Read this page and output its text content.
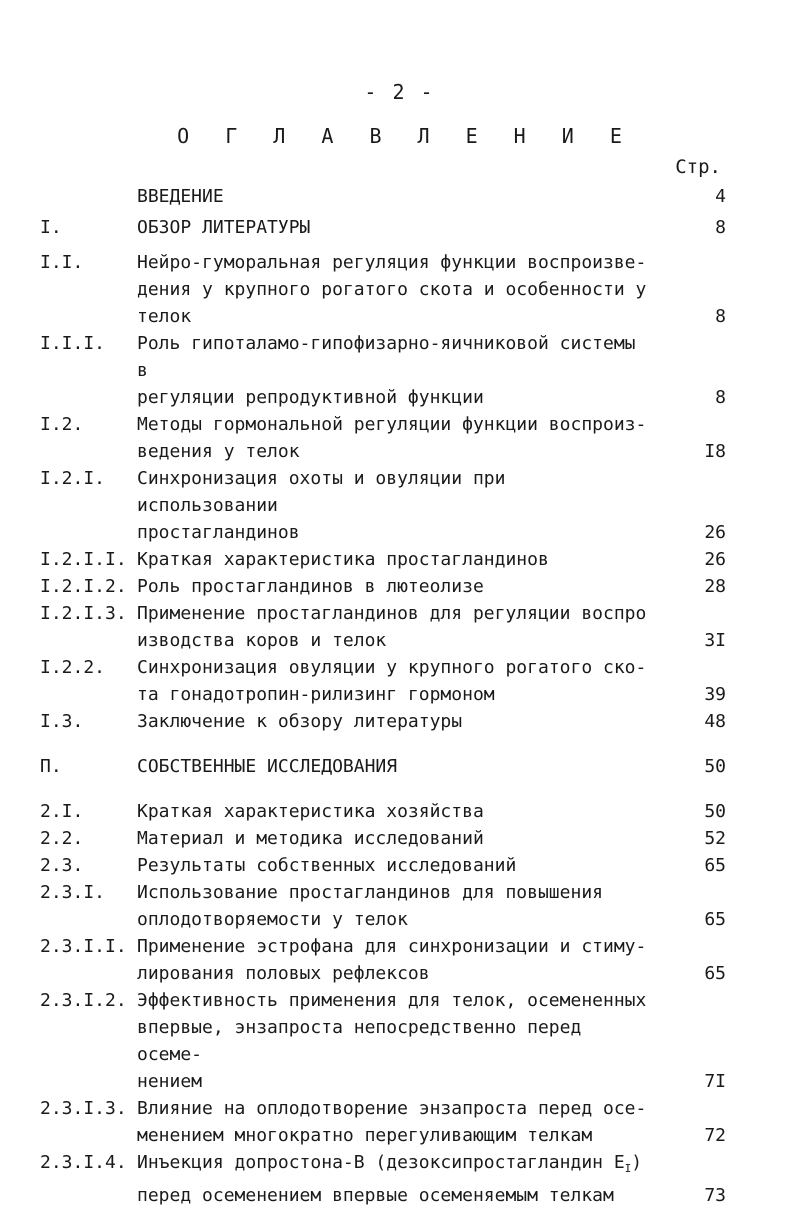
- 2 -
О Г Л А В Л Е Н И Е
Стр.
ВВЕДЕНИЕ	4
I.	ОБЗОР ЛИТЕРАТУРЫ	8
I.I.	Нейро-гуморальная регуляция функции воспроизве-
дения у крупного рогатого скота и особенности у
телок	8
I.I.I.	Роль гипоталамо-гипофизарно-яичниковой системы в
регуляции репродуктивной функции	8
I.2.	Методы гормональной регуляции функции воспроиз-
ведения у телок	I8
I.2.I.	Синхронизация охоты и овуляции при использовании
простагландинов	26
I.2.I.I. Краткая характеристика простагландинов	26
I.2.I.2. Роль простагландинов в лютеолизе	28
I.2.I.3. Применение простагландинов для регуляции воспро
изводства коров и телок	3I
I.2.2.	Синхронизация овуляции у крупного рогатого ско-
та гонадотропин-рилизинг гормоном	39
I.3.	Заключение к обзору литературы	48
П.	СОБСТВЕННЫЕ ИССЛЕДОВАНИЯ	50
2.I.	Краткая характеристика хозяйства	50
2.2.	Материал и методика исследований	52
2.3.	Результаты собственных исследований	65
2.3.I.	Использование простагландинов для повышения
оплодотворяемости у телок	65
2.3.I.I. Применение эстрофана для синхронизации и стиму-
лирования половых рефлексов	65
2.3.I.2. Эффективность применения для телок, осемененных
впервые, энзапроста непосредственно перед осеме-
нением	7I
2.3.I.3. Влияние на оплодотворение энзапроста перед осе-
менением многократно перегуливающим телкам	72
2.3.I.4. Инъекция допростона-В (дезоксипростагландин $E_I$)
перед осеменением впервые осеменяемым телкам	73
